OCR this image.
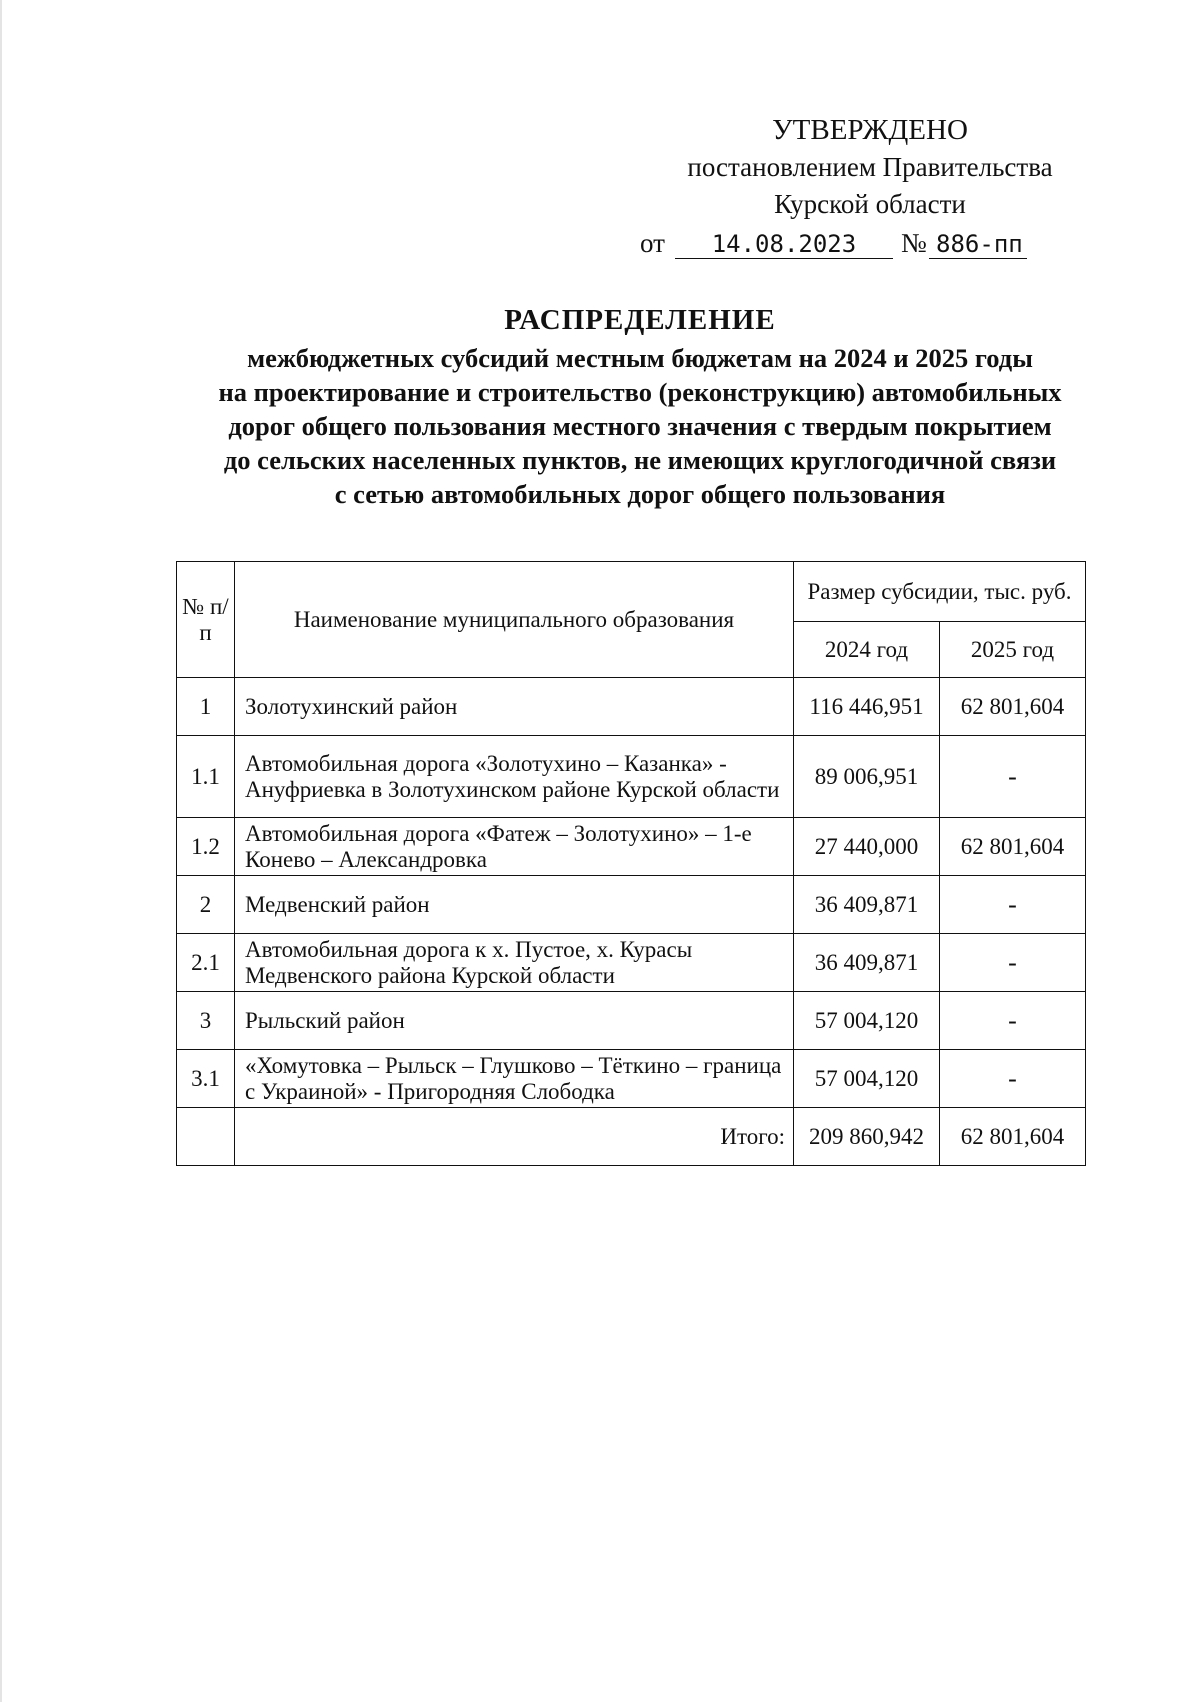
УТВЕРЖДЕНО
постановлением Правительства
Курской области
от	14.08.2023	№ 886-пп
РАСПРЕДЕЛЕНИЕ
межбюджетных субсидий местным бюджетам на 2024 и 2025 годы
на проектирование и строительство (реконструкцию) автомобильных
дорог общего пользования местного значения с твердым покрытием
до сельских населенных пунктов, не имеющих круглогодичной связи
с сетью автомобильных дорог общего пользования
№ п/п	Наименование муниципального образования	Размер субсидии, тыс. руб.	
		2024 год	2025 год
1	Золотухинский район	116 446,951	62 801,604
1.1	Автомобильная дорога «Золотухино – Казанка» - Ануфриевка в Золотухинском районе Курской области	89 006,951	-
1.2	Автомобильная дорога «Фатеж – Золотухино» – 1-е Конево – Александровка	27 440,000	62 801,604
2	Медвенский район	36 409,871	-
2.1	Автомобильная дорога к х. Пустое, х. Курасы Медвенского района Курской области	36 409,871	-
3	Рыльский район	57 004,120	-
3.1	«Хомутовка – Рыльск – Глушково – Тёткино – граница с Украиной» - Пригородняя Слободка	57 004,120	-
	Итого:	209 860,942	62 801,604
